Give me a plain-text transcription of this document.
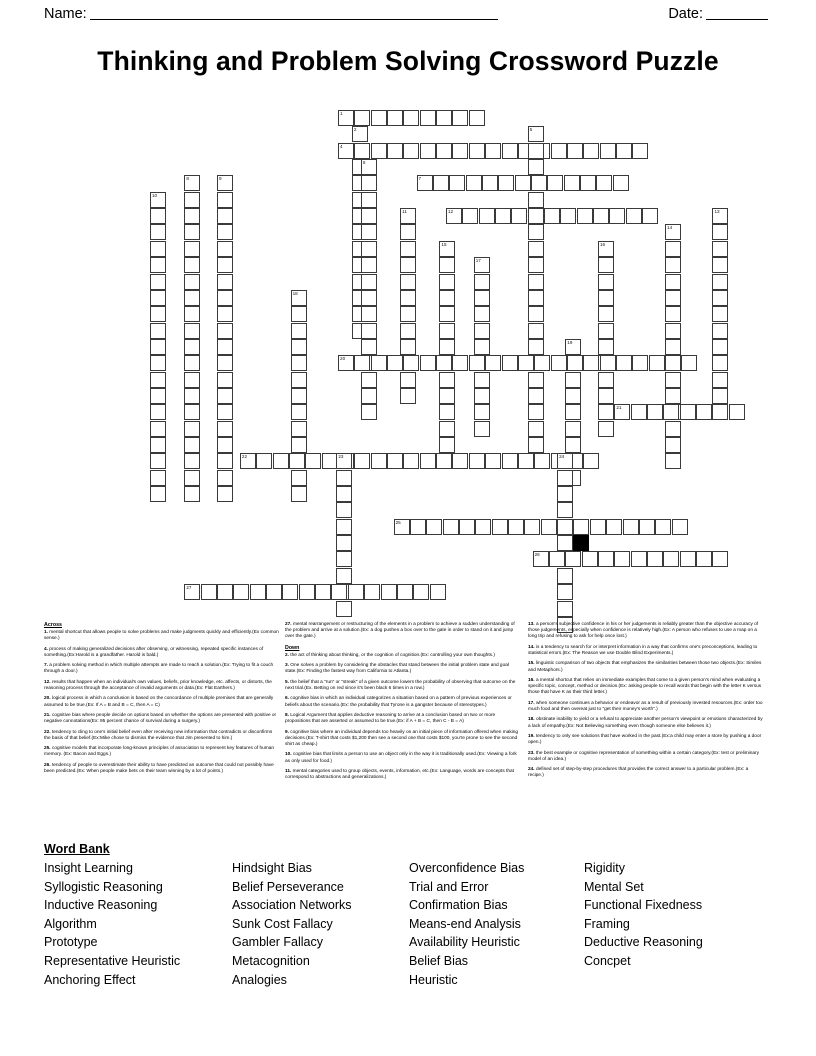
Name:	Date:
Thinking and Problem Solving Crossword Puzzle
1
2
4
5
6
7
8	9
10
11	12	13
14
15	16
17
18
19
20
21
22	23	24
25
26
27
Across

1. mental shortcut that allows people to solve problems and make judgments quickly and efficiently.(Ex common sense.)

4. process of making generalized decisions after observing, or witnessing, repeated specific instances of something.(Ex:Harold is a grandfather. Harold is bald.)

7. a problem solving method in which multiple attempts are made to reach a solution.(Ex: Trying to fit a couch through a door.)

12. results that happen when an individual's own values, beliefs, prior knowledge, etc. affects, or distorts, the reasoning process through the acceptance of invalid arguments or data.(Ex: Flat Earthers.)

20. logical process in which a conclusion is based on the concordance of multiple premises that are generally assumed to be true.(Ex: If A = B and B = C, then A = C)

21. cognitive bias where people decide on options based on whether the options are presented with positive or negative connotations(Ex: 95 percent chance of survival during a surgery.)

22. tendency to cling to one's initial belief even after receiving new information that contradicts or disconfirms the basis of that belief.(Ex:Mike chose to dismiss the evidence that Jim presented to him.)

25. cognitive models that incorporate long-known principles of association to represent key features of human memory. (Ex: Bacon and Eggs.)

26. tendency of people to overestimate their ability to have predicted an outcome that could not possibly have been predicted.(Ex: When people make bets on their team winning by a lot of points.)

27. mental rearrangement or restructuring of the elements in a problem to achieve a sudden understanding of the problem and arrive at a solution.(Ex: a dog pushes a box over to the gate in order to stand on it and jump over the gate.)

Down

2. the act of thinking about thinking, or the cognition of cognition.(Ex: controlling your own thoughts.)

3. One solves a problem by considering the obstacles that stand between the initial problem state and goal state.(Ex: Finding the fastest way from California to Atlanta.)

5. the belief that a "run" or "streak" of a given outcome lowers the probability of observing that outcome on the next trial.(Ex. Betting on red since it's been black 6 times in a row.)

6. cognitive bias in which an individual categorizes a situation based on a pattern of previous experiences or beliefs about the scenario.(Ex: the probability that Tyrone is a gangster because of stereotypes.)

8. Logical Argument that applies deductive reasoning to arrive at a conclusion based on two or more propositions that are asserted or assumed to be true.(Ex: if A + B = C, then C - B = A)

9. cognitive bias where an individual depends too heavily on an initial piece of information offered when making decisions.(Ex: T-shirt that costs $1,200 then see a second one that costs $100, you're prone to see the second shirt as cheap.)

10. cognitive bias that limits a person to use an object only in the way it is traditionally used.(Ex: Viewing a fork as only used for food.)

11. mental categories used to group objects, events, information, etc.(Ex: Language, words are concepts that correspond to abstractions and generalizations.)

13. a person's subjective confidence in his or her judgements is reliably greater than the objective accuracy of those judgements, especially when confidence is relatively high.(Ex: A person who refuses to use a map on a long trip and refusing to ask for help once lost.)

14. is a tendency to search for or interpret information in a way that confirms one's preconceptions, leading to statistical errors.(Ex: The Reason we use Double Blind Experiments.)

15. linguistic comparison of two objects that emphasizes the similarities between those two objects.(Ex: Similes and Metaphors.)

16. a mental shortcut that relies on immediate examples that come to a given person's mind when evaluating a specific topic, concept, method or decision.(Ex: asking people to recall words that begin with the letter K versus those that have K as their third letter.)

17. when someone continues a behavior or endeavor as a result of previously invested resources.(Ex: order too much food and then overeat just to "get their money's worth".)

18. obstinate inability to yield or a refusal to appreciate another person's viewpoint or emotions characterized by a lack of empathy.(Ex: Not Believing something even though someone else believes it.)

19. tendency to only see solutions that have worked in the past.(Ex:a child may enter a store by pushing a door open.)

23. the best example or cognitive representation of something within a certain category.(Ex: test or preliminary model of an idea.)

24. defined set of step-by-step procedures that provides the correct answer to a particular problem.(Ex: a recipe.)

Word Bank
Insight Learning
Syllogistic Reasoning
Inductive Reasoning
Algorithm
Prototype
Representative Heuristic
Anchoring Effect
Hindsight Bias
Belief Perseverance
Association Networks
Sunk Cost Fallacy
Gambler Fallacy
Metacognition
Analogies
Overconfidence Bias
Trial and Error
Confirmation Bias
Means-end Analysis
Availability Heuristic
Belief Bias
Heuristic
Rigidity
Mental Set
Functional Fixedness
Framing
Deductive Reasoning
Concpet
